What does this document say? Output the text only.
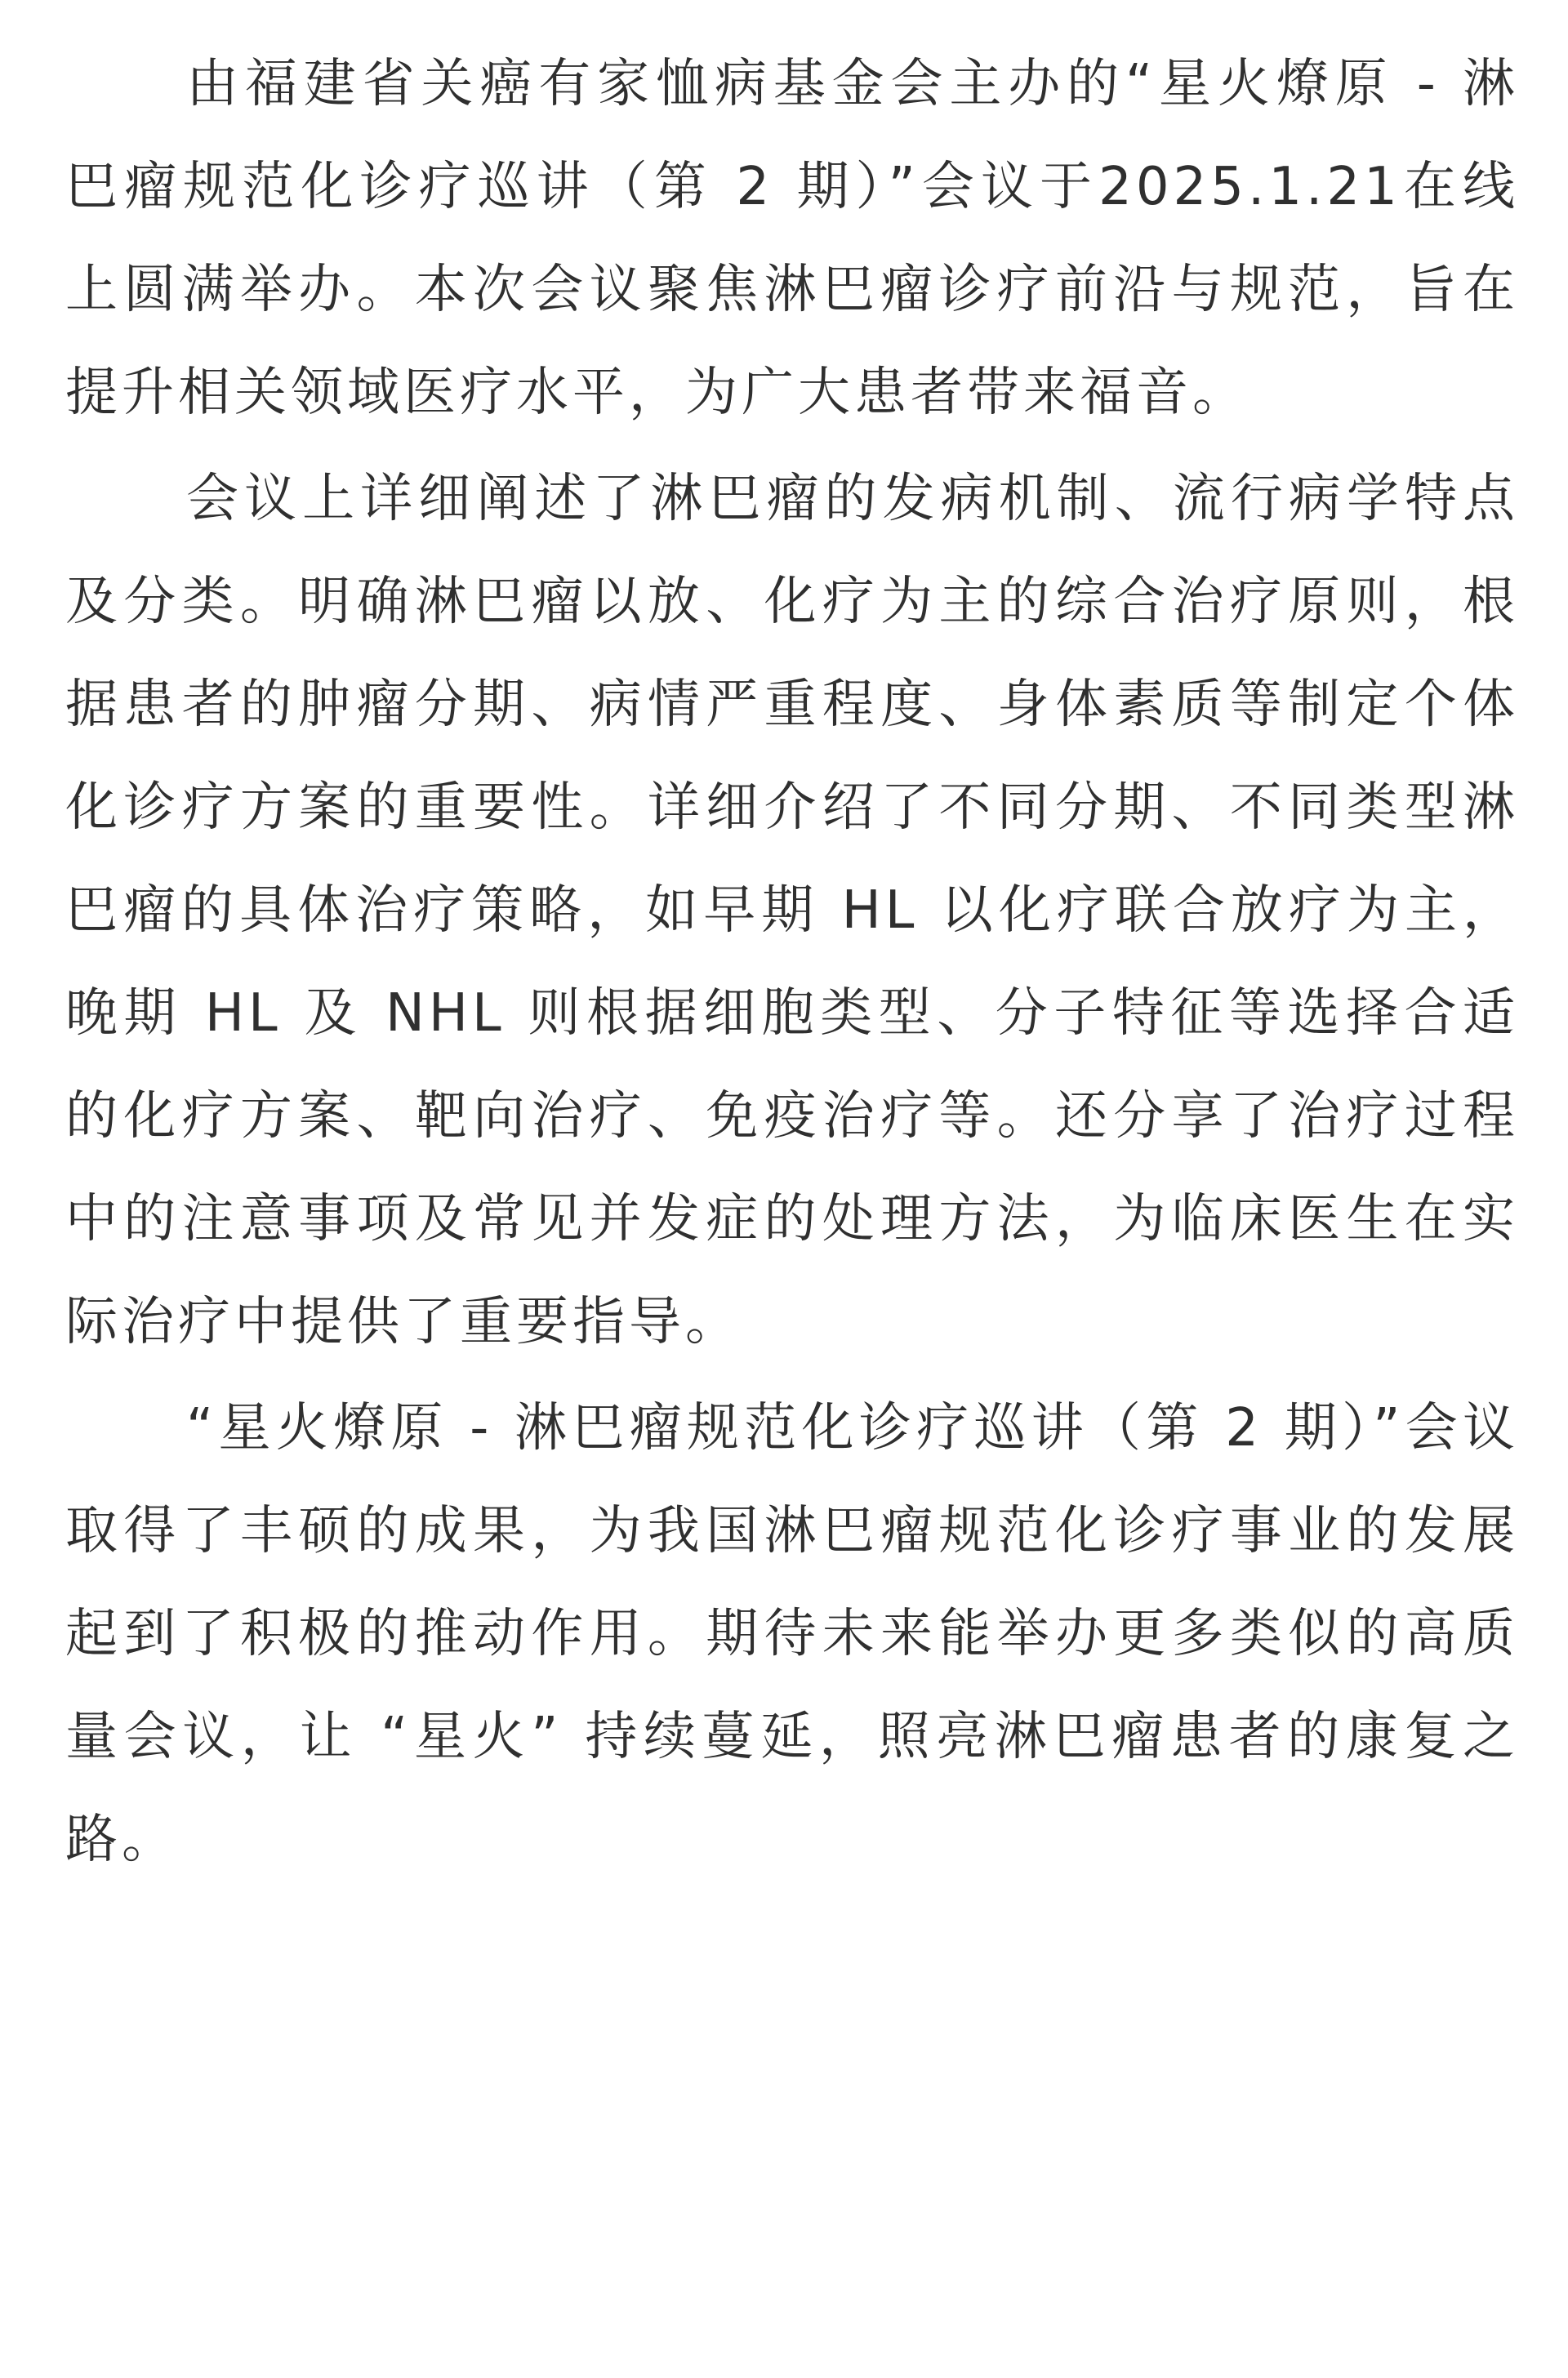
由福建省关癌有家恤病基金会主办的“星火燎原 - 淋巴瘤规范化诊疗巡讲（第 2 期）”会议于2025.1.21在线上圆满举办。本次会议聚焦淋巴瘤诊疗前沿与规范，旨在提升相关领域医疗水平，为广大患者带来福音。

会议上详细阐述了淋巴瘤的发病机制、流行病学特点及分类。明确淋巴瘤以放、化疗为主的综合治疗原则，根据患者的肿瘤分期、病情严重程度、身体素质等制定个体化诊疗方案的重要性。详细介绍了不同分期、不同类型淋巴瘤的具体治疗策略，如早期 HL 以化疗联合放疗为主，晚期 HL 及 NHL 则根据细胞类型、分子特征等选择合适的化疗方案、靶向治疗、免疫治疗等。还分享了治疗过程中的注意事项及常见并发症的处理方法，为临床医生在实际治疗中提供了重要指导。

“星火燎原 - 淋巴瘤规范化诊疗巡讲（第 2 期）”会议取得了丰硕的成果，为我国淋巴瘤规范化诊疗事业的发展起到了积极的推动作用。期待未来能举办更多类似的高质量会议，让 “星火” 持续蔓延，照亮淋巴瘤患者的康复之路。
